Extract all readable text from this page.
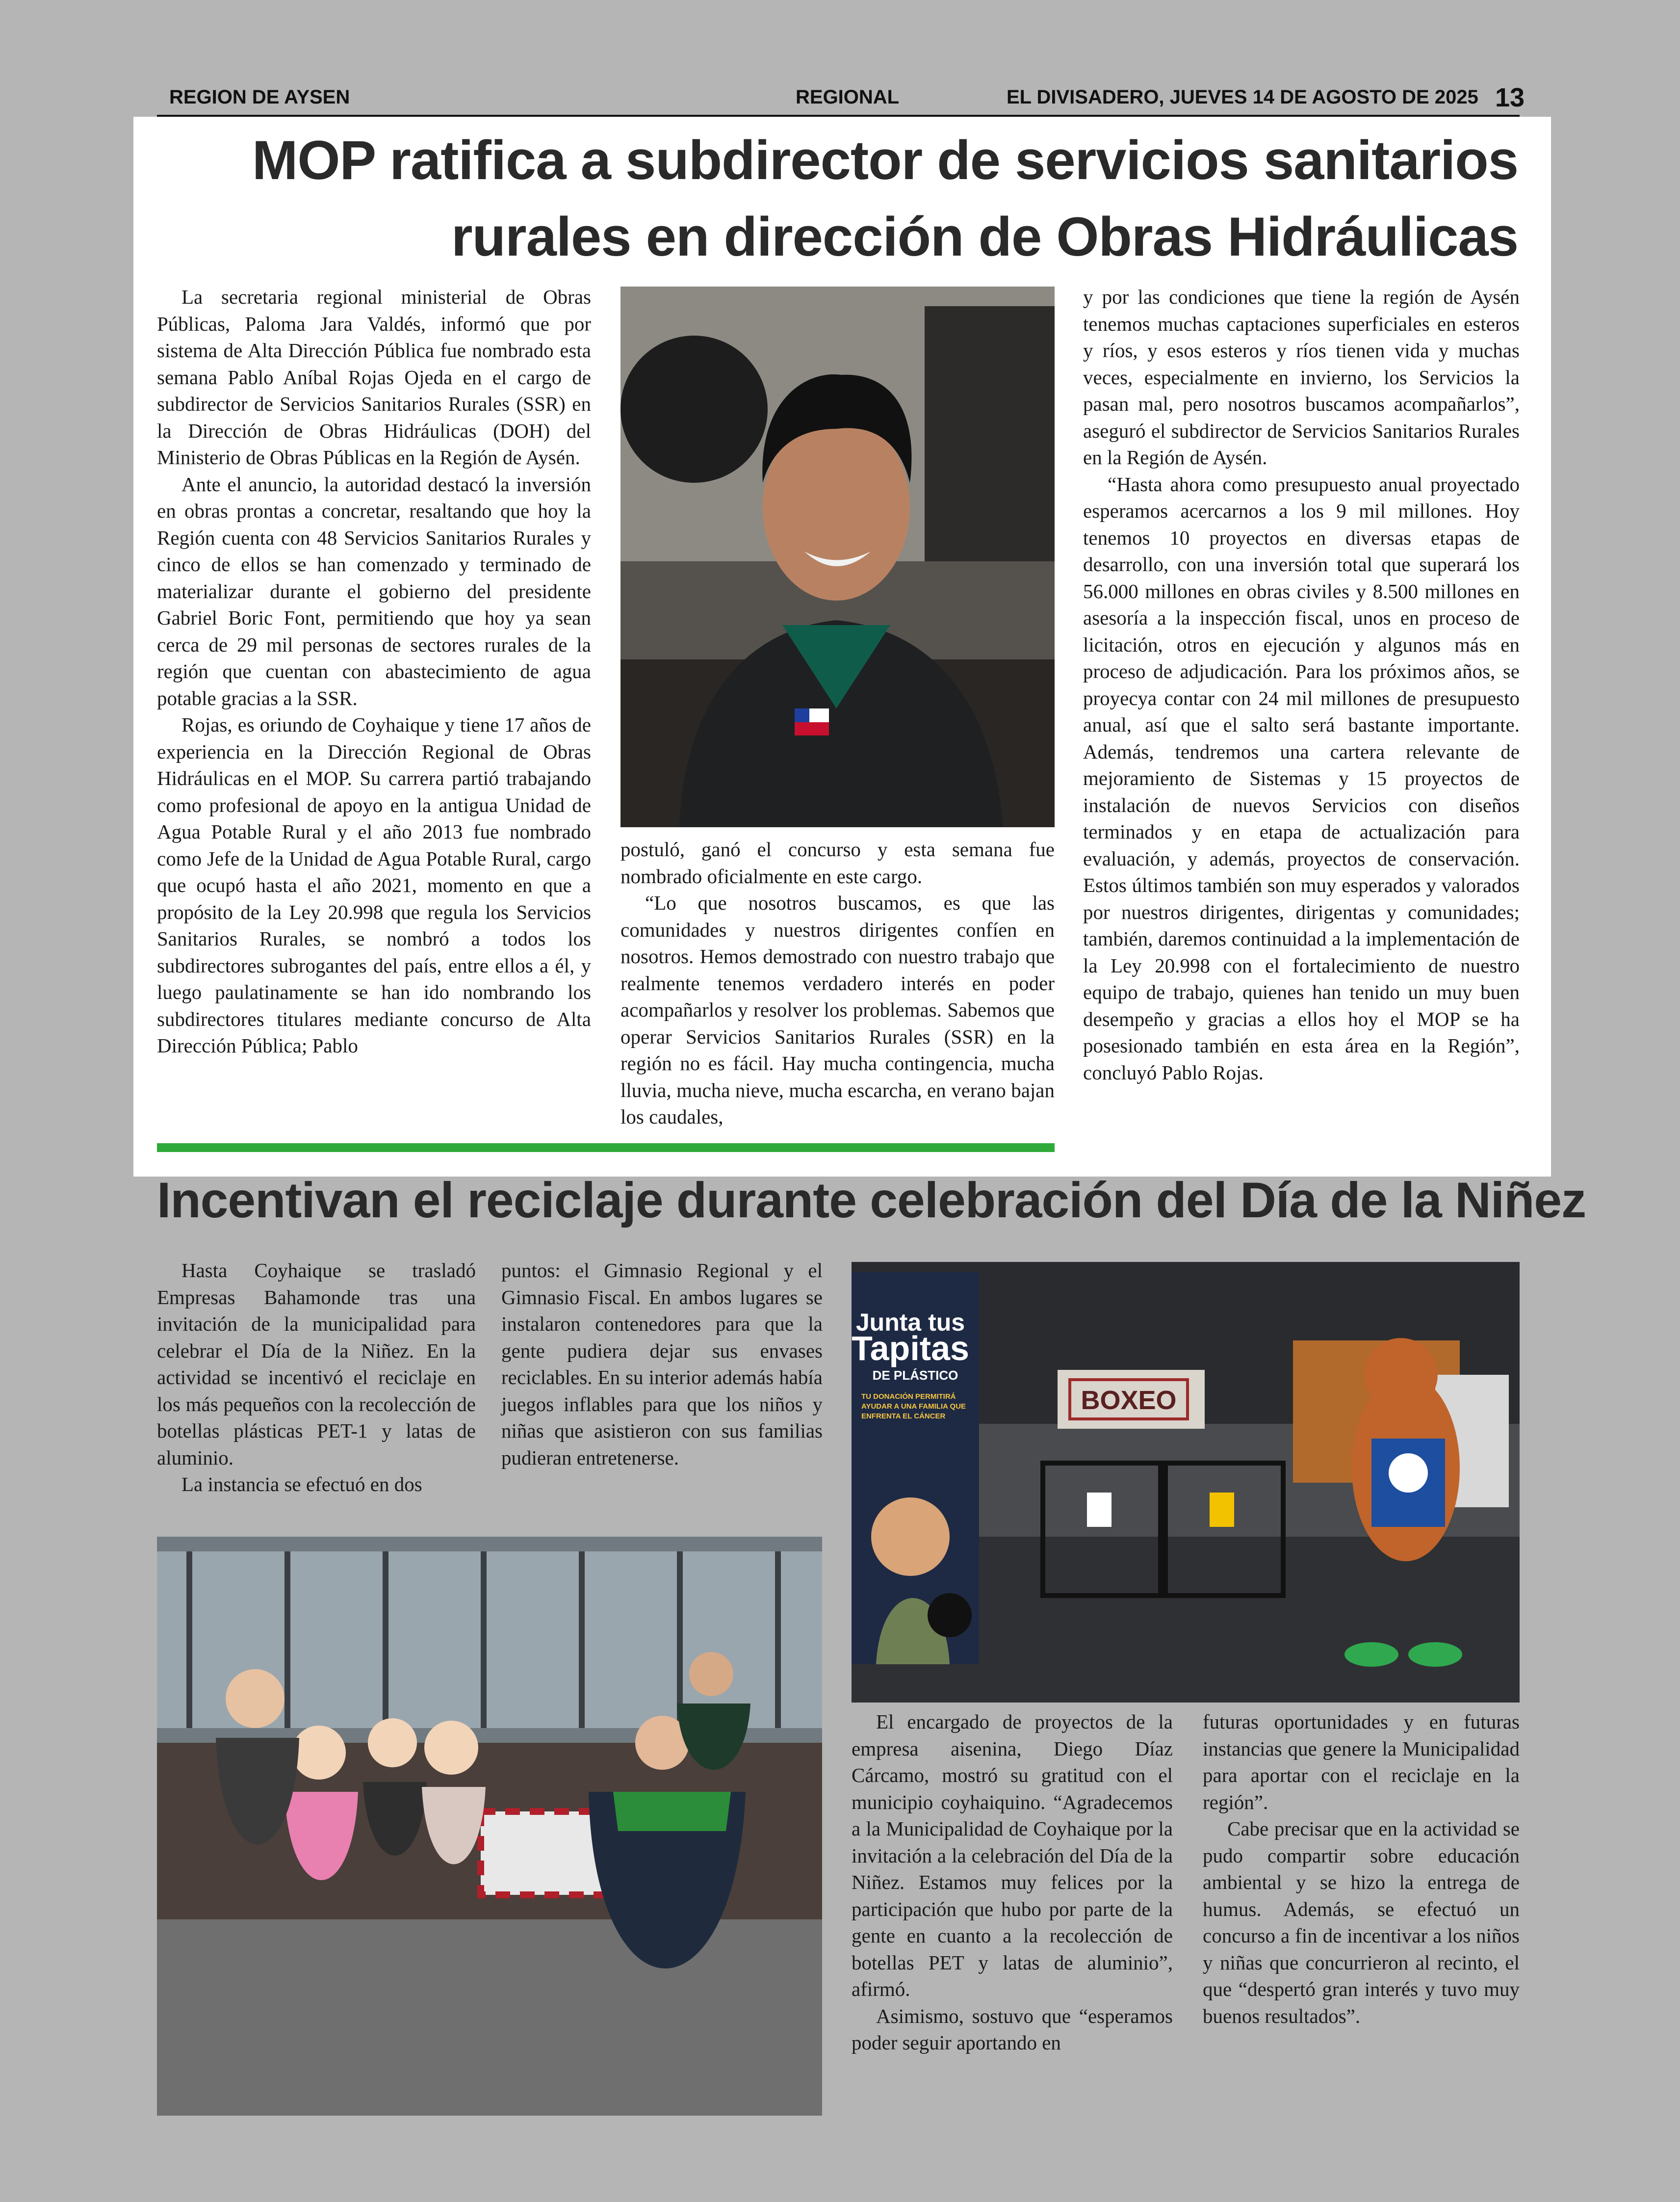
REGION DE AYSEN	REGIONAL	EL DIVISADERO, JUEVES 14 DE AGOSTO DE 2025 13
MOP ratifica a subdirector de servicios sanitarios
rurales en dirección de Obras Hidráulicas

La secretaria regional ministerial de Obras Públicas, Paloma Jara Valdés, informó que por sistema de Alta Dirección Pública fue nombrado esta semana Pablo Aníbal Rojas Ojeda en el cargo de subdirector de Servicios Sanitarios Rurales (SSR) en la Dirección de Obras Hidráulicas (DOH) del Ministerio de Obras Públicas en la Región de Aysén.

Ante el anuncio, la autoridad destacó la inversión en obras prontas a concretar, resaltando que hoy la Región cuenta con 48 Servicios Sanitarios Rurales y cinco de ellos se han comenzado y terminado de materializar durante el gobierno del presidente Gabriel Boric Font, permitiendo que hoy ya sean cerca de 29 mil personas de sectores rurales de la región que cuentan con abastecimiento de agua potable gracias a la SSR.

Rojas, es oriundo de Coyhaique y tiene 17 años de experiencia en la Dirección Regional de Obras Hidráulicas en el MOP. Su carrera partió trabajando como profesional de apoyo en la antigua Unidad de Agua Potable Rural y el año 2013 fue nombrado como Jefe de la Unidad de Agua Potable Rural, cargo que ocupó hasta el año 2021, momento en que a propósito de la Ley 20.998 que regula los Servicios Sanitarios Rurales, se nombró a todos los subdirectores subrogantes del país, entre ellos a él, y luego paulatinamente se han ido nombrando los subdirectores titulares mediante concurso de Alta Dirección Pública; Pablo

postuló, ganó el concurso y esta semana fue nombrado oficialmente en este cargo.

“Lo que nosotros buscamos, es que las comunidades y nuestros dirigentes confíen en nosotros. Hemos demostrado con nuestro trabajo que realmente tenemos verdadero interés en poder acompañarlos y resolver los problemas. Sabemos que operar Servicios Sanitarios Rurales (SSR) en la región no es fácil. Hay mucha contingencia, mucha lluvia, mucha nieve, mucha escarcha, en verano bajan los caudales,

y por las condiciones que tiene la región de Aysén tenemos muchas captaciones superficiales en esteros y ríos, y esos esteros y ríos tienen vida y muchas veces, especialmente en invierno, los Servicios la pasan mal, pero nosotros buscamos acompañarlos”, aseguró el subdirector de Servicios Sanitarios Rurales en la Región de Aysén.

“Hasta ahora como presupuesto anual proyectado esperamos acercarnos a los 9 mil millones. Hoy tenemos 10 proyectos en diversas etapas de desarrollo, con una inversión total que superará los 56.000 millones en obras civiles y 8.500 millones en asesoría a la inspección fiscal, unos en proceso de licitación, otros en ejecución y algunos más en proceso de adjudicación. Para los próximos años, se proyecya contar con 24 mil millones de presupuesto anual, así que el salto será bastante importante. Además, tendremos una cartera relevante de mejoramiento de Sistemas y 15 proyectos de instalación de nuevos Servicios con diseños terminados y en etapa de actualización para evaluación, y además, proyectos de conservación. Estos últimos también son muy esperados y valorados por nuestros dirigentes, dirigentas y comunidades; también, daremos continuidad a la implementación de la Ley 20.998 con el fortalecimiento de nuestro equipo de trabajo, quienes han tenido un muy buen desempeño y gracias a ellos hoy el MOP se ha posesionado también en esta área en la Región”, concluyó Pablo Rojas.

Incentivan el reciclaje durante celebración del Día de la Niñez

Hasta Coyhaique se trasladó Empresas Bahamonde tras una invitación de la municipalidad para celebrar el Día de la Niñez. En la actividad se incentivó el reciclaje en los más pequeños con la recolección de botellas plásticas PET-1 y latas de aluminio.

La instancia se efectuó en dos

puntos: el Gimnasio Regional y el Gimnasio Fiscal. En ambos lugares se instalaron contenedores para que la gente pudiera dejar sus envases reciclables. En su interior además había juegos inflables para que los niños y niñas que asistieron con sus familias pudieran entretenerse.

BOXEO
Junta tus
Tapitas
DE PLÁSTICO
TU DONACIÓN PERMITIRÁ AYUDAR A UNA FAMILIA QUE ENFRENTA EL CÁNCER

El encargado de proyectos de la empresa aisenina, Diego Díaz Cárcamo, mostró su gratitud con el municipio coyhaiquino. “Agradecemos a la Municipalidad de Coyhaique por la invitación a la celebración del Día de la Niñez. Estamos muy felices por la participación que hubo por parte de la gente en cuanto a la recolección de botellas PET y latas de aluminio”, afirmó.

Asimismo, sostuvo que “esperamos poder seguir aportando en

futuras oportunidades y en futuras instancias que genere la Municipalidad para aportar con el reciclaje en la región”.

Cabe precisar que en la actividad se pudo compartir sobre educación ambiental y se hizo la entrega de humus. Además, se efectuó un concurso a fin de incentivar a los niños y niñas que concurrieron al recinto, el que “despertó gran interés y tuvo muy buenos resultados”.
